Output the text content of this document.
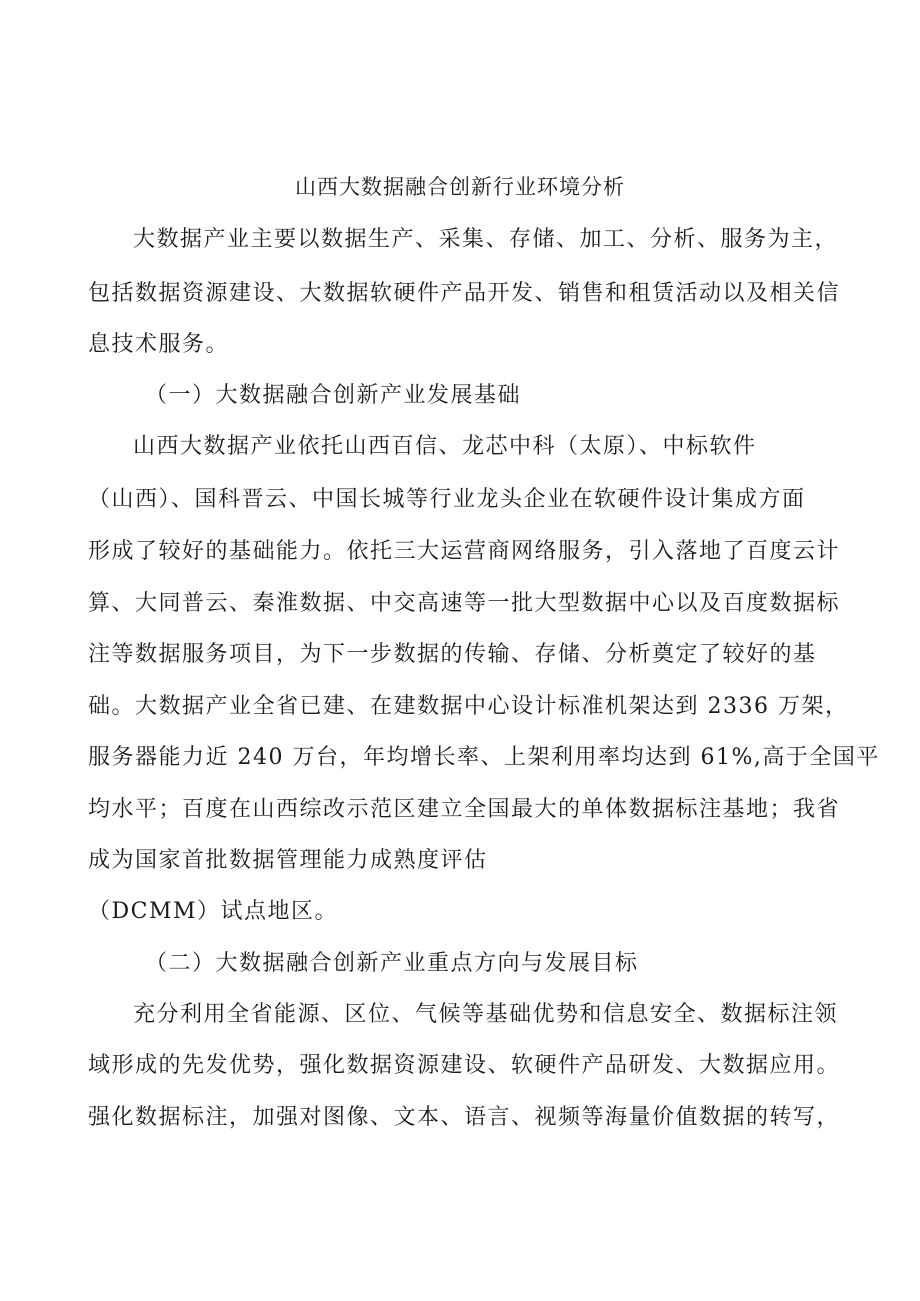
山西大数据融合创新行业环境分析
大数据产业主要以数据生产、采集、存储、加工、分析、服务为主，
包括数据资源建设、大数据软硬件产品开发、销售和租赁活动以及相关信
息技术服务。
（一）大数据融合创新产业发展基础
山西大数据产业依托山西百信、龙芯中科（太原）、中标软件
（山西）、国科晋云、中国长城等行业龙头企业在软硬件设计集成方面
形成了较好的基础能力。依托三大运营商网络服务，引入落地了百度云计
算、大同普云、秦淮数据、中交高速等一批大型数据中心以及百度数据标
注等数据服务项目，为下一步数据的传输、存储、分析奠定了较好的基
础。大数据产业全省已建、在建数据中心设计标准机架达到 2336 万架，
服务器能力近 240 万台，年均增长率、上架利用率均达到 61%,高于全国平
均水平；百度在山西综改示范区建立全国最大的单体数据标注基地；我省
成为国家首批数据管理能力成熟度评估
（DCMM）试点地区。
（二）大数据融合创新产业重点方向与发展目标
充分利用全省能源、区位、气候等基础优势和信息安全、数据标注领
域形成的先发优势，强化数据资源建设、软硬件产品研发、大数据应用。
强化数据标注，加强对图像、文本、语言、视频等海量价值数据的转写，
